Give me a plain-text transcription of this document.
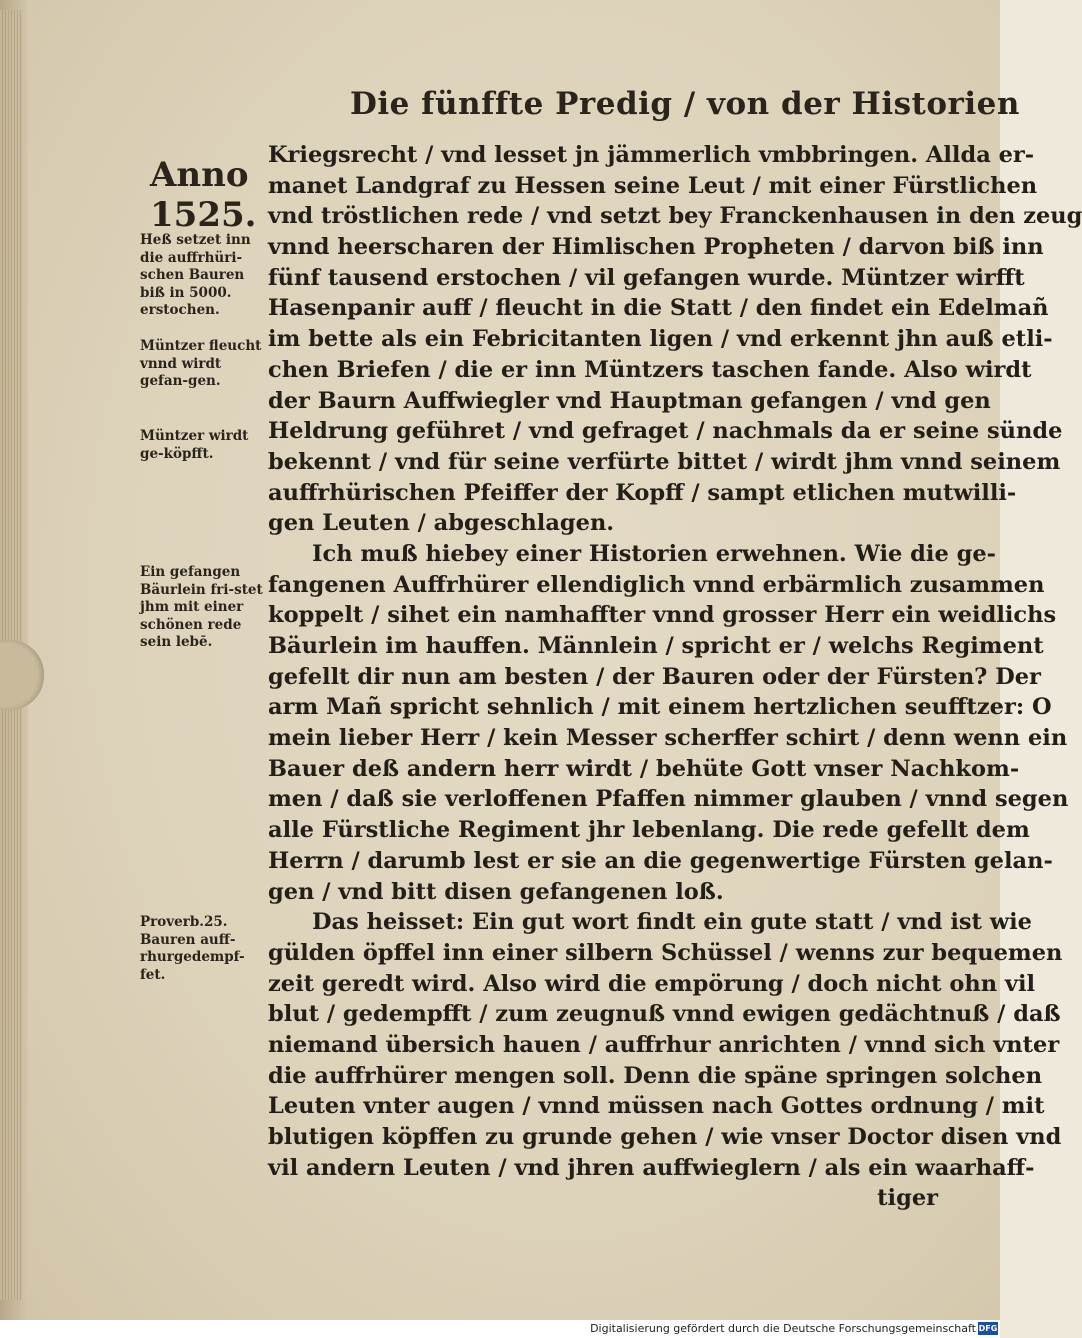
Die fünffte Predig / von der Historien
Anno
1525.
Heß setzet inn die auffrhüri-schen Bauren biß in 5000. erstochen.
Müntzer fleucht vnnd wirdt gefan-gen.
Müntzer wirdt ge-köpfft.
Ein gefangen Bäurlein fri-stet jhm mit einer schönen rede sein lebē.
Proverb.25. Bauren auff-rhurgedempf-fet.
Kriegsrecht / vnd lesset jn jämmerlich vmbbringen. Allda er-
manet Landgraf zu Hessen seine Leut / mit einer Fürstlichen
vnd tröstlichen rede / vnd setzt bey Franckenhausen in den zeug
vnnd heerscharen der Himlischen Propheten / darvon biß inn
fünf tausend erstochen / vil gefangen wurde. Müntzer wirfft
Hasenpanir auff / fleucht in die Statt / den findet ein Edelmañ
im bette als ein Febricitanten ligen / vnd erkennt jhn auß etli-
chen Briefen / die er inn Müntzers taschen fande. Also wirdt
der Baurn Auffwiegler vnd Hauptman gefangen / vnd gen
Heldrung geführet / vnd gefraget / nachmals da er seine sünde
bekennt / vnd für seine verfürte bittet / wirdt jhm vnnd seinem
auffrhürischen Pfeiffer der Kopff / sampt etlichen mutwilli-
gen Leuten / abgeschlagen.
Ich muß hiebey einer Historien erwehnen. Wie die ge-
fangenen Auffrhürer ellendiglich vnnd erbärmlich zusammen
koppelt / sihet ein namhaffter vnnd grosser Herr ein weidlichs
Bäurlein im hauffen. Männlein / spricht er / welchs Regiment
gefellt dir nun am besten / der Bauren oder der Fürsten? Der
arm Mañ spricht sehnlich / mit einem hertzlichen seufftzer: O
mein lieber Herr / kein Messer scherffer schirt / denn wenn ein
Bauer deß andern herr wirdt / behüte Gott vnser Nachkom-
men / daß sie verloffenen Pfaffen nimmer glauben / vnnd segen
alle Fürstliche Regiment jhr lebenlang. Die rede gefellt dem
Herrn / darumb lest er sie an die gegenwertige Fürsten gelan-
gen / vnd bitt disen gefangenen loß.
Das heisset: Ein gut wort findt ein gute statt / vnd ist wie
gülden öpffel inn einer silbern Schüssel / wenns zur bequemen
zeit geredt wird. Also wird die empörung / doch nicht ohn vil
blut / gedempfft / zum zeugnuß vnnd ewigen gedächtnuß / daß
niemand übersich hauen / auffrhur anrichten / vnnd sich vnter
die auffrhürer mengen soll. Denn die späne springen solchen
Leuten vnter augen / vnnd müssen nach Gottes ordnung / mit
blutigen köpffen zu grunde gehen / wie vnser Doctor disen vnd
vil andern Leuten / vnd jhren auffwieglern / als ein waarhaff-
tiger
Digitalisierung gefördert durch die Deutsche Forschungsgemeinschaft DFG
